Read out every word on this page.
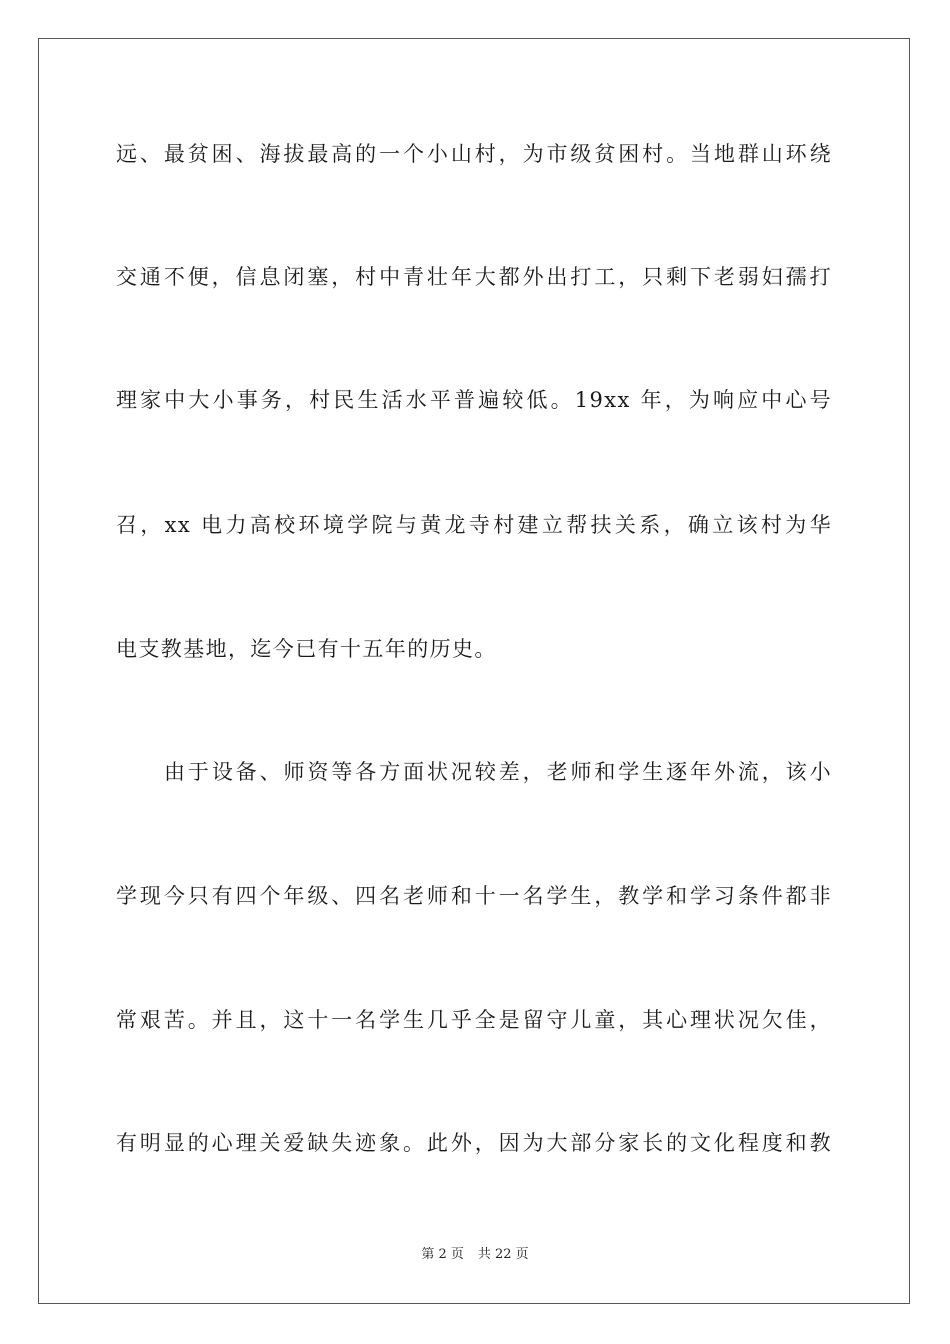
远、最贫困、海拔最高的一个小山村，为市级贫困村。当地群山环绕
交通不便，信息闭塞，村中青壮年大都外出打工，只剩下老弱妇孺打
理家中大小事务，村民生活水平普遍较低。19xx 年，为响应中心号
召，xx 电力高校环境学院与黄龙寺村建立帮扶关系，确立该村为华
电支教基地，迄今已有十五年的历史。
由于设备、师资等各方面状况较差，老师和学生逐年外流，该小
学现今只有四个年级、四名老师和十一名学生，教学和学习条件都非
常艰苦。并且，这十一名学生几乎全是留守儿童，其心理状况欠佳，
有明显的心理关爱缺失迹象。此外，因为大部分家长的文化程度和教
第 2 页 共 22 页
